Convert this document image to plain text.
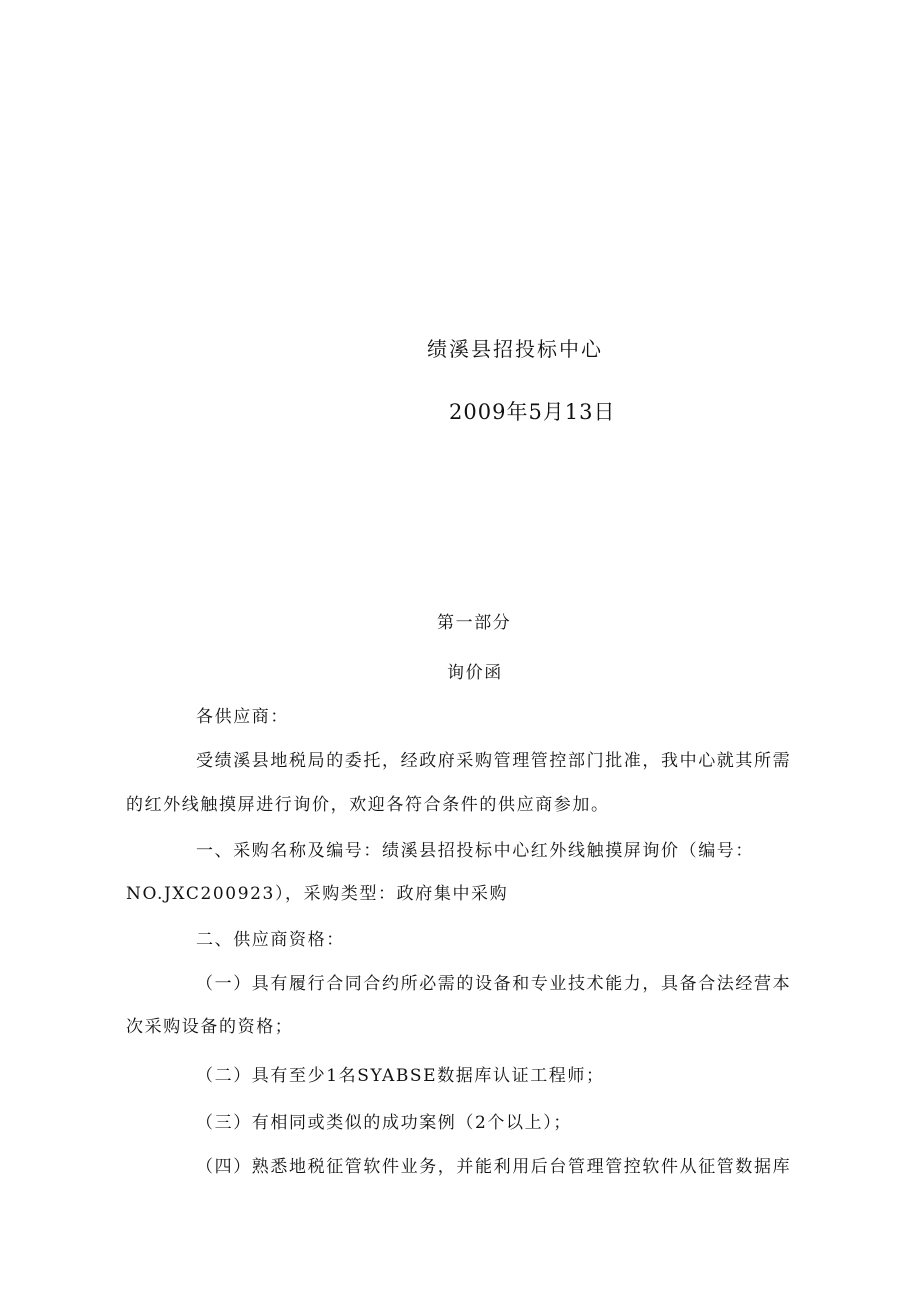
绩溪县招投标中心
2009年5月13日
第一部分
询价函
各供应商：
受绩溪县地税局的委托，经政府采购管理管控部门批准，我中心就其所需
的红外线触摸屏进行询价，欢迎各符合条件的供应商参加。
一、采购名称及编号：绩溪县招投标中心红外线触摸屏询价（编号：
NO.JXC200923），采购类型：政府集中采购
二、供应商资格：
（一）具有履行合同合约所必需的设备和专业技术能力，具备合法经营本
次采购设备的资格；
（二）具有至少1名SYABSE数据库认证工程师；
（三）有相同或类似的成功案例（2个以上）；
（四）熟悉地税征管软件业务，并能利用后台管理管控软件从征管数据库
